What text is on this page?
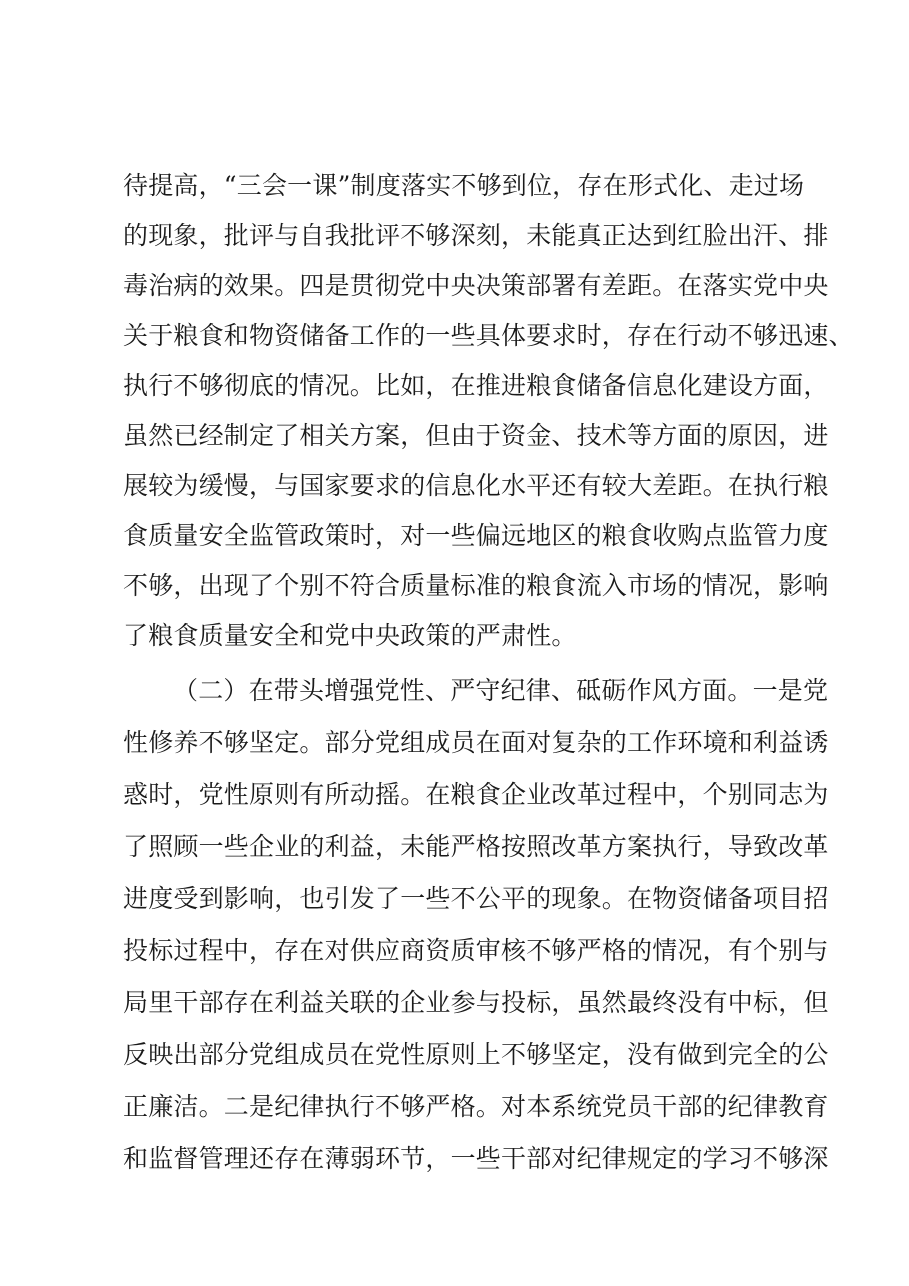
待提高，“三会一课”制度落实不够到位，存在形式化、走过场
的现象，批评与自我批评不够深刻，未能真正达到红脸出汗、排
毒治病的效果。四是贯彻党中央决策部署有差距。在落实党中央
关于粮食和物资储备工作的一些具体要求时，存在行动不够迅速、
执行不够彻底的情况。比如，在推进粮食储备信息化建设方面，
虽然已经制定了相关方案，但由于资金、技术等方面的原因，进
展较为缓慢，与国家要求的信息化水平还有较大差距。在执行粮
食质量安全监管政策时，对一些偏远地区的粮食收购点监管力度
不够，出现了个别不符合质量标准的粮食流入市场的情况，影响
了粮食质量安全和党中央政策的严肃性。
（二）在带头增强党性、严守纪律、砥砺作风方面。一是党
性修养不够坚定。部分党组成员在面对复杂的工作环境和利益诱
惑时，党性原则有所动摇。在粮食企业改革过程中，个别同志为
了照顾一些企业的利益，未能严格按照改革方案执行，导致改革
进度受到影响，也引发了一些不公平的现象。在物资储备项目招
投标过程中，存在对供应商资质审核不够严格的情况，有个别与
局里干部存在利益关联的企业参与投标，虽然最终没有中标，但
反映出部分党组成员在党性原则上不够坚定，没有做到完全的公
正廉洁。二是纪律执行不够严格。对本系统党员干部的纪律教育
和监督管理还存在薄弱环节，一些干部对纪律规定的学习不够深
